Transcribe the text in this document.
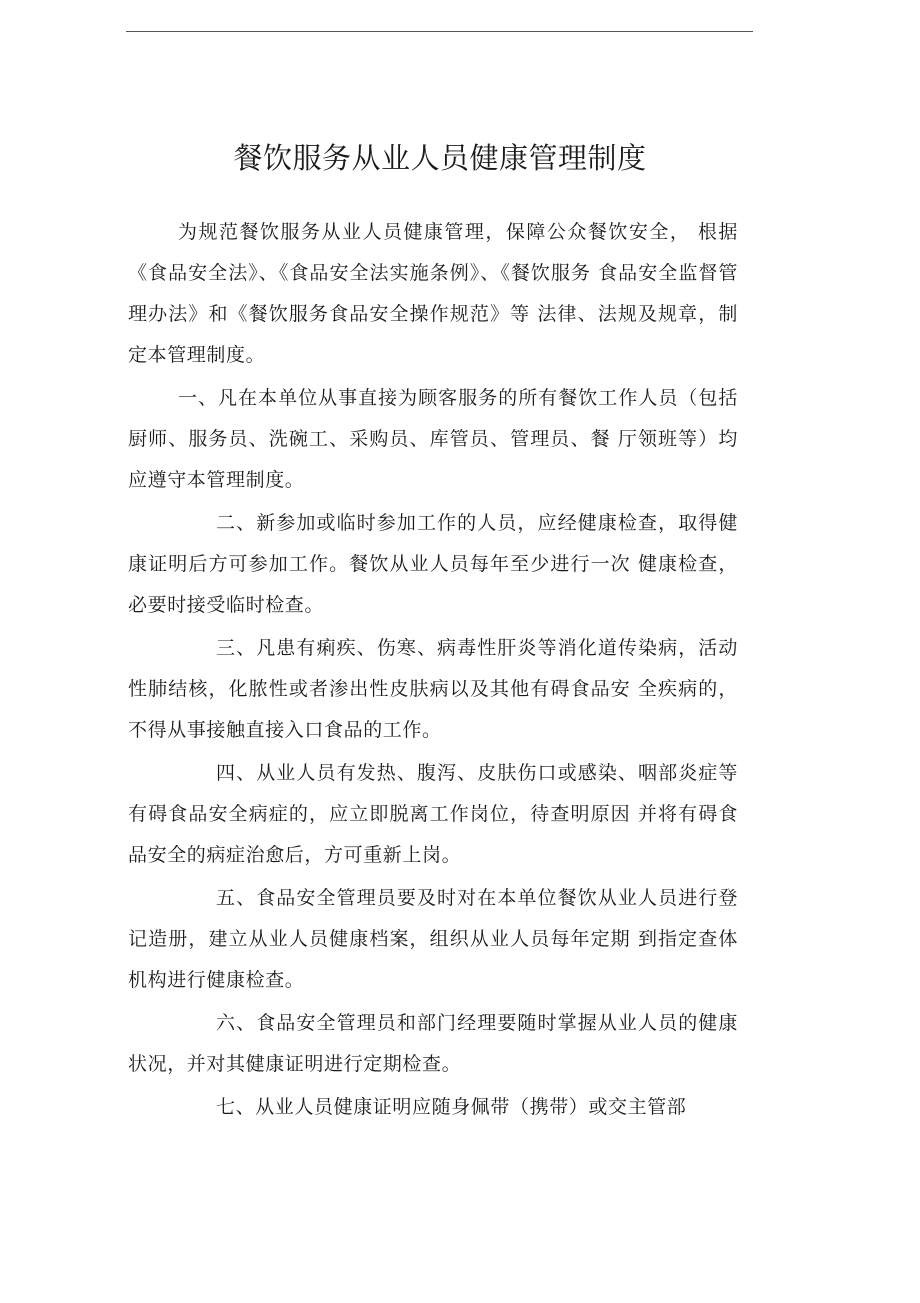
餐饮服务从业人员健康管理制度

为规范餐饮服务从业人员健康管理，保障公众餐饮安全， 根据《食品安全法》、《食品安全法实施条例》、《餐饮服务 食品安全监督管理办法》和《餐饮服务食品安全操作规范》等 法律、法规及规章，制定本管理制度。

一、凡在本单位从事直接为顾客服务的所有餐饮工作人员（包括厨师、服务员、洗碗工、采购员、库管员、管理员、餐 厅领班等）均应遵守本管理制度。

二、新参加或临时参加工作的人员，应经健康检查，取得健康证明后方可参加工作。餐饮从业人员每年至少进行一次 健康检查，必要时接受临时检查。

三、凡患有痢疾、伤寒、病毒性肝炎等消化道传染病，活动性肺结核，化脓性或者渗出性皮肤病以及其他有碍食品安 全疾病的，不得从事接触直接入口食品的工作。

四、从业人员有发热、腹泻、皮肤伤口或感染、咽部炎症等有碍食品安全病症的，应立即脱离工作岗位，待查明原因 并将有碍食品安全的病症治愈后，方可重新上岗。

五、食品安全管理员要及时对在本单位餐饮从业人员进行登记造册，建立从业人员健康档案，组织从业人员每年定期 到指定查体机构进行健康检查。

六、食品安全管理员和部门经理要随时掌握从业人员的健康状况，并对其健康证明进行定期检查。

七、从业人员健康证明应随身佩带（携带）或交主管部
